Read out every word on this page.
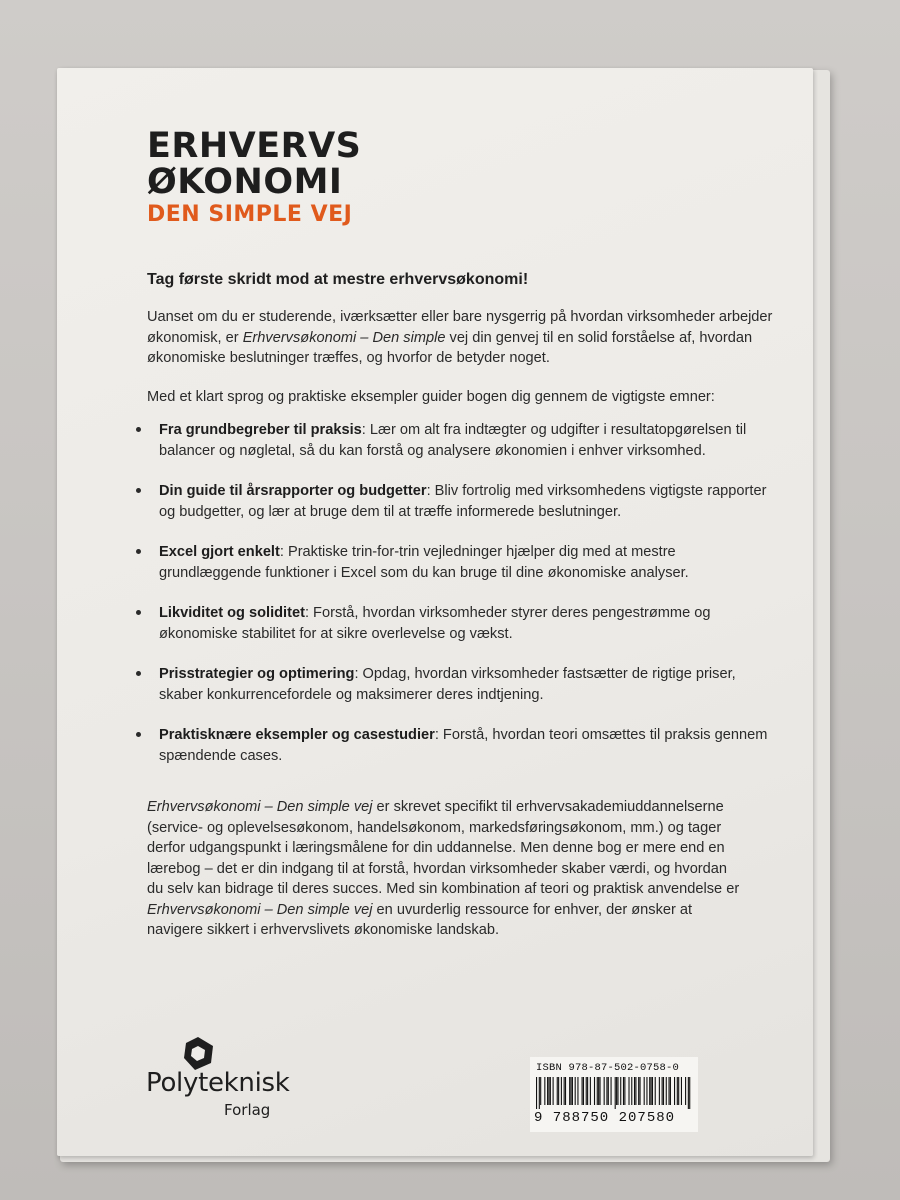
ERHVERVS
ØKONOMI
DEN SIMPLE VEJ
Tag første skridt mod at mestre erhvervsøkonomi!
Uanset om du er studerende, iværksætter eller bare nysgerrig på hvordan virksomheder arbejder økonomisk, er Erhvervsøkonomi – Den simple vej din genvej til en solid forståelse af, hvordan økonomiske beslutninger træffes, og hvorfor de betyder noget.
Med et klart sprog og praktiske eksempler guider bogen dig gennem de vigtigste emner:
Fra grundbegreber til praksis: Lær om alt fra indtægter og udgifter i resultatopgørelsen til balancer og nøgletal, så du kan forstå og analysere økonomien i enhver virksomhed.
Din guide til årsrapporter og budgetter: Bliv fortrolig med virksomhedens vigtigste rapporter og budgetter, og lær at bruge dem til at træffe informerede beslutninger.
Excel gjort enkelt: Praktiske trin-for-trin vejledninger hjælper dig med at mestre grundlæggende funktioner i Excel som du kan bruge til dine økonomiske analyser.
Likviditet og soliditet: Forstå, hvordan virksomheder styrer deres pengestrømme og økonomiske stabilitet for at sikre overlevelse og vækst.
Prisstrategier og optimering: Opdag, hvordan virksomheder fastsætter de rigtige priser, skaber konkurrencefordele og maksimerer deres indtjening.
Praktisknære eksempler og casestudier: Forstå, hvordan teori omsættes til praksis gennem spændende cases.
Erhvervsøkonomi – Den simple vej er skrevet specifikt til erhvervsakademiuddannelserne (service- og oplevelsesøkonom, handelsøkonom, markedsføringsøkonom, mm.) og tager derfor udgangspunkt i læringsmålene for din uddannelse. Men denne bog er mere end en lærebog – det er din indgang til at forstå, hvordan virksomheder skaber værdi, og hvordan du selv kan bidrage til deres succes. Med sin kombination af teori og praktisk anvendelse er Erhvervsøkonomi – Den simple vej en uvurderlig ressource for enhver, der ønsker at navigere sikkert i erhvervslivets økonomiske landskab.
Polyteknisk
Forlag
ISBN 978-87-502-0758-0
9 788750 207580
